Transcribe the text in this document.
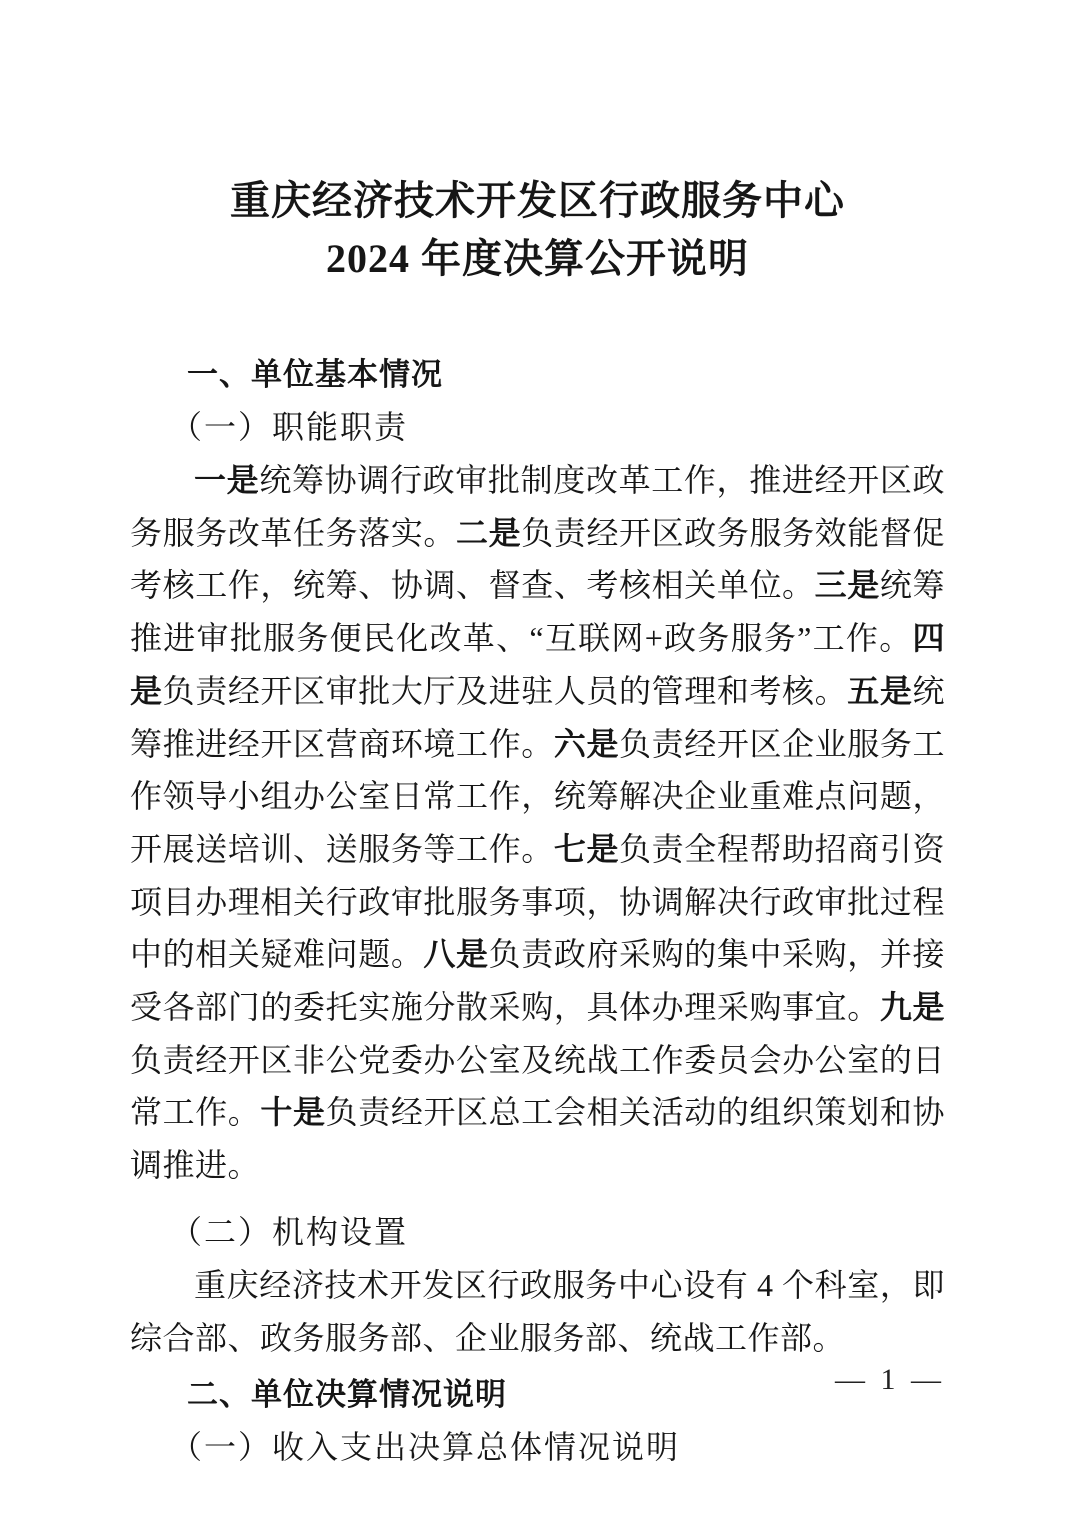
重庆经济技术开发区行政服务中心
2024 年度决算公开说明
一、单位基本情况
（一）职能职责

一是统筹协调行政审批制度改革工作，推进经开区政务服务改革任务落实。二是负责经开区政务服务效能督促考核工作，统筹、协调、督查、考核相关单位。三是统筹推进审批服务便民化改革、“互联网+政务服务”工作。四是负责经开区审批大厅及进驻人员的管理和考核。五是统筹推进经开区营商环境工作。六是负责经开区企业服务工作领导小组办公室日常工作，统筹解决企业重难点问题，开展送培训、送服务等工作。七是负责全程帮助招商引资项目办理相关行政审批服务事项，协调解决行政审批过程中的相关疑难问题。八是负责政府采购的集中采购，并接受各部门的委托实施分散采购，具体办理采购事宜。九是负责经开区非公党委办公室及统战工作委员会办公室的日常工作。十是负责经开区总工会相关活动的组织策划和协调推进。

（二）机构设置

重庆经济技术开发区行政服务中心设有 4 个科室，即综合部、政务服务部、企业服务部、统战工作部。

二、单位决算情况说明
（一）收入支出决算总体情况说明
— 1 —
